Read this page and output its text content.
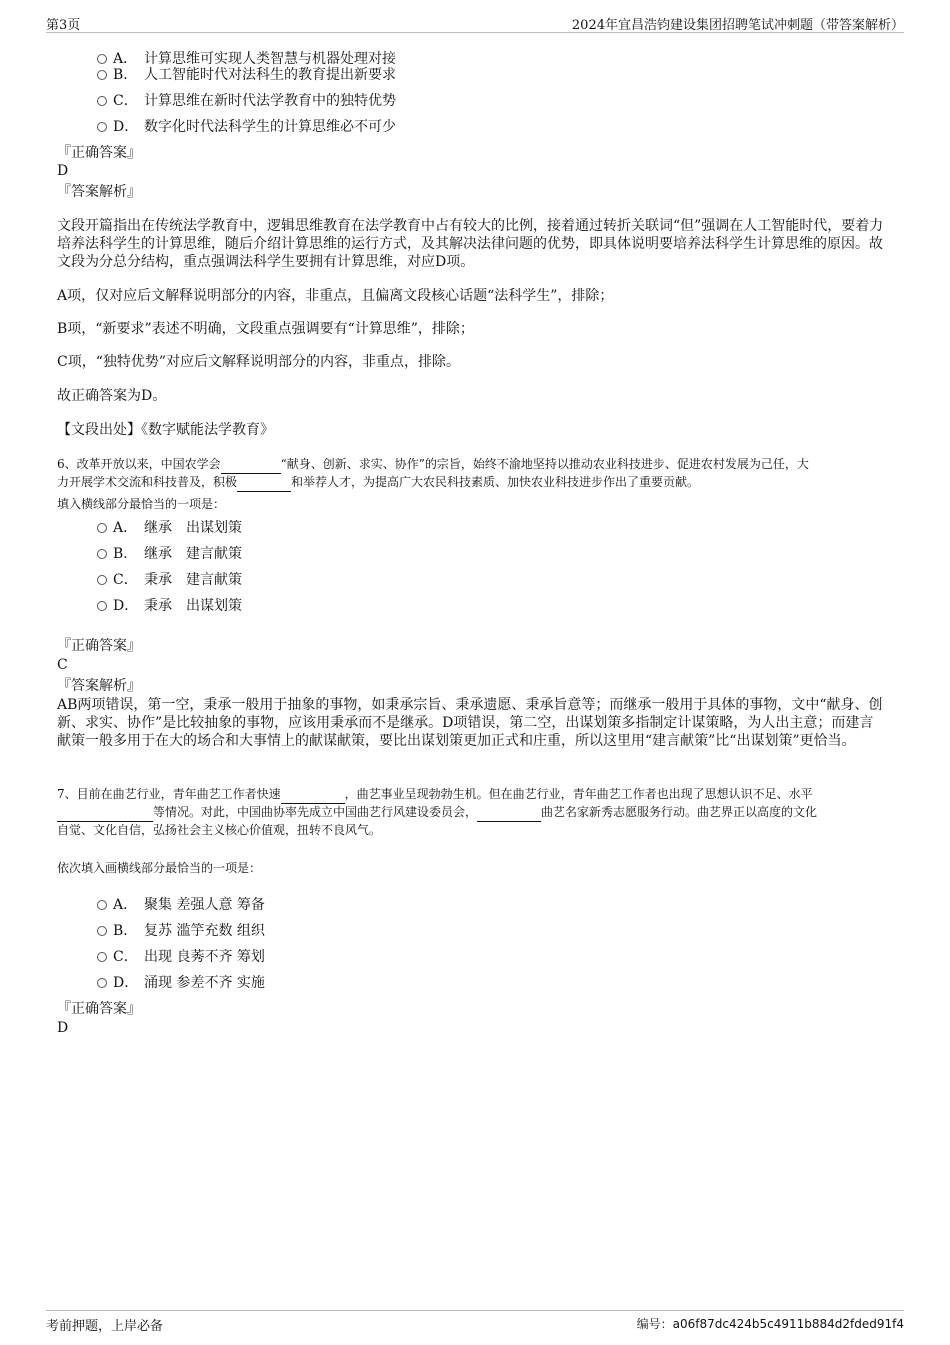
第3页	2024年宜昌浩钧建设集团招聘笔试冲刺题（带答案解析）
A． 计算思维可实现人类智慧与机器处理对接
B． 人工智能时代对法科生的教育提出新要求
C． 计算思维在新时代法学教育中的独特优势
D． 数字化时代法科学生的计算思维必不可少
『正确答案』
D
『答案解析』
文段开篇指出在传统法学教育中，逻辑思维教育在法学教育中占有较大的比例，接着通过转折关联词“但”强调在人工智能时代，要着力培养法科学生的计算思维，随后介绍计算思维的运行方式，及其解决法律问题的优势，即具体说明要培养法科学生计算思维的原因。故文段为分总分结构，重点强调法科学生要拥有计算思维，对应D项。
A项，仅对应后文解释说明部分的内容，非重点，且偏离文段核心话题“法科学生”，排除；
B项，“新要求”表述不明确，文段重点强调要有“计算思维”，排除；
C项，“独特优势”对应后文解释说明部分的内容，非重点，排除。
故正确答案为D。
【文段出处】《数字赋能法学教育》
6、改革开放以来，中国农学会	“献身、创新、求实、协作”的宗旨，始终不渝地坚持以推动农业科技进步、促进农村发展为己任，大
力开展学术交流和科技普及，积极	和举荐人才，为提高广大农民科技素质、加快农业科技进步作出了重要贡献。
填入横线部分最恰当的一项是：
A． 继承　出谋划策
B． 继承　建言献策
C． 秉承　建言献策
D． 秉承　出谋划策
『正确答案』
C
『答案解析』
AB两项错误，第一空，秉承一般用于抽象的事物，如秉承宗旨、秉承遗愿、秉承旨意等；而继承一般用于具体的事物，文中“献身、创新、求实、协作”是比较抽象的事物，应该用秉承而不是继承。D项错误，第二空，出谋划策多指制定计谋策略，为人出主意；而建言献策一般多用于在大的场合和大事情上的献谋献策，要比出谋划策更加正式和庄重，所以这里用“建言献策”比“出谋划策”更恰当。
7、目前在曲艺行业，青年曲艺工作者快速	，曲艺事业呈现勃勃生机。但在曲艺行业，青年曲艺工作者也出现了思想认识不足、水平
等情况。对此，中国曲协率先成立中国曲艺行风建设委员会，	曲艺名家新秀志愿服务行动。曲艺界正以高度的文化
自觉、文化自信，弘扬社会主义核心价值观，扭转不良风气。
依次填入画横线部分最恰当的一项是：
A． 聚集 差强人意 筹备
B． 复苏 滥竽充数 组织
C． 出现 良莠不齐 筹划
D． 涌现 参差不齐 实施
『正确答案』
D
考前押题，上岸必备	编号：a06f87dc424b5c4911b884d2fded91f4
